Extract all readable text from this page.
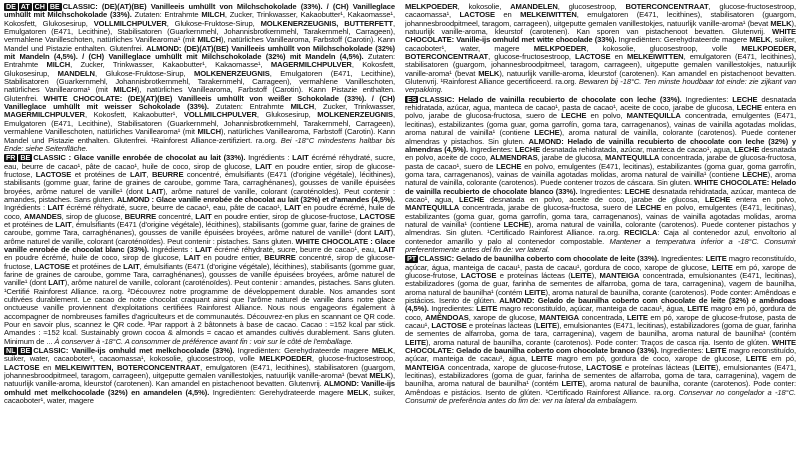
DE AT CH BE CLASSIC: (DE)(AT)(BE) Vanilleeis umhüllt von Milchschokolade (33%). / (CH) Vanilleglace umhüllt mit Milchschokolade (33%). Zutaten: Entrahmte MILCH, Zucker, Trinkwasser, Kakaobutter¹, Kakaomasse¹, Kokosfett, Glukosesirup, VOLLMILCHPULVER, Glukose-Fruktose-Sirup, MOLKENERZEUGNIS, BUTTERFETT, Emulgatoren (E471, Lecithine), Stabilisatoren (Guarkernmehl, Johannisbrotkernmehl, Tarakernmehl, Carrageen), vermahlene Vanilleschoten, natürliches Vanillearoma¹ (mit MILCH), natürliches Vanillearoma, Farbstoff (Carotin). Kann Mandel und Pistazie enthalten. Glutenfrei. ALMOND: (DE)(AT)(BE) Vanilleeis umhüllt von Milchschokolade (32%) mit Mandeln (4,5%). / (CH) Vanilleglace umhüllt mit Milchschokolade (32%) mit Mandeln (4,5%). Zutaten: Entrahmte MILCH, Zucker, Trinkwasser, Kakaobutter¹, Kakaomasse¹, MAGERMILCHPULVER, Kokosfett, Glukosesirup, MANDELN, Glukose-Fruktose-Sirup, MOLKENERZEUGNIS, Emulgatoren (E471, Lecithine), Stabilisatoren (Guarkernmehl, Johannisbrotkernmehl, Tarakernmehl, Carrageen), vermahlene Vanilleschoten, natürliches Vanillearoma¹ (mit MILCH), natürliches Vanillearoma, Farbstoff (Carotin). Kann Pistazie enthalten. Glutenfrei. WHITE CHOCOLATE: (DE)(AT)(BE) Vanilleeis umhüllt von weißer Schokolade (33%). / (CH) Vanilleglace umhüllt mit weisser Schokolade (33%). Zutaten: Entrahmte MILCH, Zucker, Trinkwasser, MAGERMILCHPULVER, Kokosfett, Kakaobutter¹, VOLLMILCHPULVER, Glukosesirup, MOLKENERZEUGNIS, Emulgatoren (E471, Lecithine), Stabilisatoren (Guarkernmehl, Johannisbrotkernmehl, Tarakernmehl, Carrageen), vermahlene Vanilleschoten, natürliches Vanillearoma¹ (mit MILCH), natürliches Vanillearoma, Farbstoff (Carotin). Kann Mandel und Pistazie enthalten. Glutenfrei. ¹Rainforest Alliance-zertifiziert. ra.org. Bei -18°C mindestens haltbar bis Ende: siehe Seitenfläche.
FR BE CLASSIC : Glace vanille enrobée de chocolat au lait (33%). Ingrédients : LAIT écrémé réhydraté, sucre, eau, beurre de cacao¹, pâte de cacao¹, huile de coco, sirop de glucose, LAIT en poudre entier, sirop de glucose-fructose, LACTOSE et protéines de LAIT, BEURRE concentré, émulsifiants (E471 (d'origine végétale), lécithines), stabilisants (gomme guar, farine de graines de caroube, gomme Tara, carraghénanes), gousses de vanille épuisées broyées, arôme naturel de vanille¹ (dont LAIT), arôme naturel de vanille, colorant (caroténoïdes). Peut contenir : amandes, pistaches. Sans gluten. ALMOND : Glace vanille enrobée de chocolat au lait (32%) et d'amandes (4,5%). Ingrédients : LAIT écrémé réhydraté, sucre, beurre de cacao¹, eau, pâte de cacao¹, LAIT en poudre écrémé, huile de coco, AMANDES, sirop de glucose, BEURRE concentré, LAIT en poudre entier, sirop de glucose-fructose, LACTOSE et protéines de LAIT, émulsifiants (E471 (d'origine végétale), lécithines), stabilisants (gomme guar, farine de graines de caroube, gomme Tara, carraghénanes), gousses de vanille épuisées broyées, arôme naturel de vanille¹ (dont LAIT), arôme naturel de vanille, colorant (caroténoïdes). Peut contenir : pistaches. Sans gluten. WHITE CHOCOLATE : Glace vanille enrobée de chocolat blanc (33%). Ingrédients : LAIT écrémé réhydraté, sucre, beurre de cacao¹, eau, LAIT en poudre écrémé, huile de coco, sirop de glucose, LAIT en poudre entier, BEURRE concentré, sirop de glucose-fructose, LACTOSE et protéines de LAIT, émulsifiants (E471 (d'origine végétale), lécithines), stabilisants (gomme guar, farine de graines de caroube, gomme Tara, carraghénanes), gousses de vanille épuisées broyées, arôme naturel de vanille¹ (dont LAIT), arôme naturel de vanille, colorant (caroténoïdes). Peut contenir : amandes, pistaches. Sans gluten. ¹Certifié Rainforest Alliance. ra.org. ²Découvrez notre programme de développement durable. Nos amandes sont cultivées durablement. Le cacao de notre chocolat craquant ainsi que l'arôme naturel de vanille dans notre glace onctueuse vanille proviennent d'exploitations certifiées Rainforest Alliance. Nous nous engageons également à accompagner de nombreuses familles d'agriculteurs et de communautés. Découvrez-en plus en scannant ce QR code. Pour en savoir plus, scannez le QR code. ³Par rapport à 2 bâtonnets à base de cacao. Cacao : ≈152 kcal par stick. Amandes : ≈152 kcal. Sustainably grown cocoa & almonds = cacao et amandes cultivés durablement. Sans gluten. Minimum de ... À conserver à -18°C. A consommer de préférence avant fin : voir sur le côté de l'emballage.
NL BE CLASSIC: Vanille-ijs omhuld met melkchocolade (33%). Ingrediënten: Gerehydrateerde magere MELK, suiker, water, cacaoboter¹, cacaomassa¹, kokosolie, glucosestroop, volle MELKPOEDER, glucose-fructosestroop, LACTOSE en MELKEIWITTEN, BOTERCONCENTRAAT, emulgatoren (E471, lecithines), stabilisatoren (guargom, johannesbroodpitmeel, taragom, carrageen), uitgeputte gemalen vanillestokjes, natuurlijk vanille-aroma¹ (bevat MELK), natuurlijk vanille-aroma, kleurstof (carotenen). Kan amandel en pistachenoot bevatten. Glutenvrij. ALMOND: Vanille-ijs omhuld met melkchocolade (32%) en amandelen (4,5%). Ingrediënten: Gerehydrateerde magere MELK, suiker, cacaoboter¹, water, magere
MELKPOEDER, kokosolie, AMANDELEN, glucosestroop, BOTERCONCENTRAAT, glucose-fructosestroop, cacaomassa¹, LACTOSE en MELKEIWITTEN, emulgatoren (E471, lecithines), stabilisatoren (guargom, johannesbroodpitmeel, taragom, carrageen), uitgeputte gemalen vanillestokjes, natuurlijk vanille-aroma¹ (bevat MELK), natuurlijk vanille-aroma, kleurstof (carotenen). Kan sporen van pistachenoot bevatten. Glutenvrij. WHITE CHOCOLATE: Vanille-ijs omhuld met witte chocolade (33%). Ingrediënten: Gerehydrateerde magere MELK, suiker, cacaoboter¹, water, magere MELKPOEDER, kokosolie, glucosestroop, volle MELKPOEDER, BOTERCONCENTRAAT, glucose-fructosestroop, LACTOSE en MELKEIWITTEN, emulgatoren (E471, lecithines), stabilisatoren (guargom, johannesbroodpitmeel, taragom, carrageen), uitgeputte gemalen vanillestokjes, natuurlijk vanille-aroma¹ (bevat MELK), natuurlijk vanille-aroma, kleurstof (carotenen). Kan amandel en pistachenoot bevatten. Glutenvrij. ¹Rainforest Alliance gecertificeerd. ra.org. Bewaren bij -18°C. Ten minste houdbaar tot einde: zie zijkant van verpakking.
ES CLASSIC: Helado de vainilla recubierto de chocolate con leche (33%). Ingredientes: LECHE desnatada rehidratada, azúcar, agua, manteca de cacao¹, pasta de cacao¹, aceite de coco, jarabe de glucosa, LECHE entera en polvo, jarabe de glucosa-fructosa, suero de LECHE en polvo, MANTEQUILLA concentrada, emulgentes (E471, lecitinas), estabilizantes (goma guar, goma garrofín, goma tara, carragenanos), vainas de vainilla agotadas molidas, aroma natural de vainilla¹ (contiene LECHE), aroma natural de vainilla, colorante (carotenos). Puede contener almendras y pistachos. Sin gluten. ALMOND: Helado de vainilla recubierto de chocolate con leche (32%) y almendras (4,5%). Ingredientes: LECHE desnatada rehidratada, azúcar, manteca de cacao¹, agua, LECHE desnatada en polvo, aceite de coco, ALMENDRAS, jarabe de glucosa, MANTEQUILLA concentrada, jarabe de glucosa-fructosa, pasta de cacao¹, suero de LECHE en polvo, emulgentes (E471, lecitinas), estabilizantes (goma guar, goma garrofín, goma tara, carragenanos), vainas de vainilla agotadas molidas, aroma natural de vainilla¹ (contiene LECHE), aroma natural de vainilla, colorante (carotenos). Puede contener trozos de cáscara. Sin gluten. WHITE CHOCOLATE: Helado de vainilla recubierto de chocolate blanco (33%). Ingredientes: LECHE desnatada rehidratada, azúcar, manteca de cacao¹, agua, LECHE desnatada en polvo, aceite de coco, jarabe de glucosa, LECHE entera en polvo, MANTEQUILLA concentrada, jarabe de glucosa-fructosa, suero de LECHE en polvo, emulgentes (E471, lecitinas), estabilizantes (goma guar, goma garrofín, goma tara, carragenanos), vainas de vainilla agotadas molidas, aroma natural de vainilla¹ (contiene LECHE), aroma natural de vainilla, colorante (carotenos). Puede contener pistachos y almendras. Sin gluten. ¹Certificado Rainforest Alliance. ra.org. RECICLA: Caja al contenedor azul, envoltorio al contenedor amarillo y palo al contenedor compostable. Mantener a temperatura inferior a -18°C. Consumir preferentemente antes del fin de: ver lateral.
PT CLASSIC: Gelado de baunilha coberto com chocolate de leite (33%). Ingredientes: LEITE magro reconstituído, açúcar, água, manteiga de cacau¹, pasta de cacau¹, gordura de coco, xarope de glucose, LEITE em pó, xarope de glucose-frutose, LACTOSE e proteínas lácteas (LEITE), MANTEIGA concentrada, emulsionantes (E471, lecitinas), estabilizadores (goma de guar, farinha de sementes de alfarroba, goma de tara, carragenina), vagem de baunilha, aroma natural de baunilha¹ (contém LEITE), aroma natural de baunilha, corante (carotenos). Pode conter: Amêndoas e pistácios. Isento de glúten. ALMOND: Gelado de baunilha coberto com chocolate de leite (32%) e amêndoas (4,5%). Ingredientes: LEITE magro reconstituído, açúcar, manteiga de cacau¹, água, LEITE magro em pó, gordura de coco, AMÊNDOAS, xarope de glucose, MANTEIGA concentrada, LEITE em pó, xarope de glucose-frutose, pasta de cacau¹, LACTOSE e proteínas lácteas (LEITE), emulsionantes (E471, lecitinas), estabilizadores (goma de guar, farinha de sementes de alfarroba, goma de tara, carragenina), vagem de baunilha, aroma natural de baunilha¹ (contém LEITE), aroma natural de baunilha, corante (carotenos). Pode conter: Traços de casca rija. Isento de glúten. WHITE CHOCOLATE: Gelado de baunilha coberto com chocolate branco (33%). Ingredientes: LEITE magro reconstituído, açúcar, manteiga de cacau¹, água, LEITE magro em pó, gordura de coco, xarope de glucose, LEITE em pó, MANTEIGA concentrada, xarope de glucose-frutose, LACTOSE e proteínas lácteas (LEITE), emulsionantes (E471, lecitinas), estabilizadores (goma de guar, farinha de sementes de alfarroba, goma de tara, carragenina), vagem de baunilha, aroma natural de baunilha¹ (contém LEITE), aroma natural de baunilha, corante (carotenos). Pode conter: Amêndoas e pistácios. Isento de glúten. ¹Certificado Rainforest Alliance. ra.org. Conservar no congelador a -18°C. Consumir de preferência antes do fim de: ver na lateral da embalagem.
